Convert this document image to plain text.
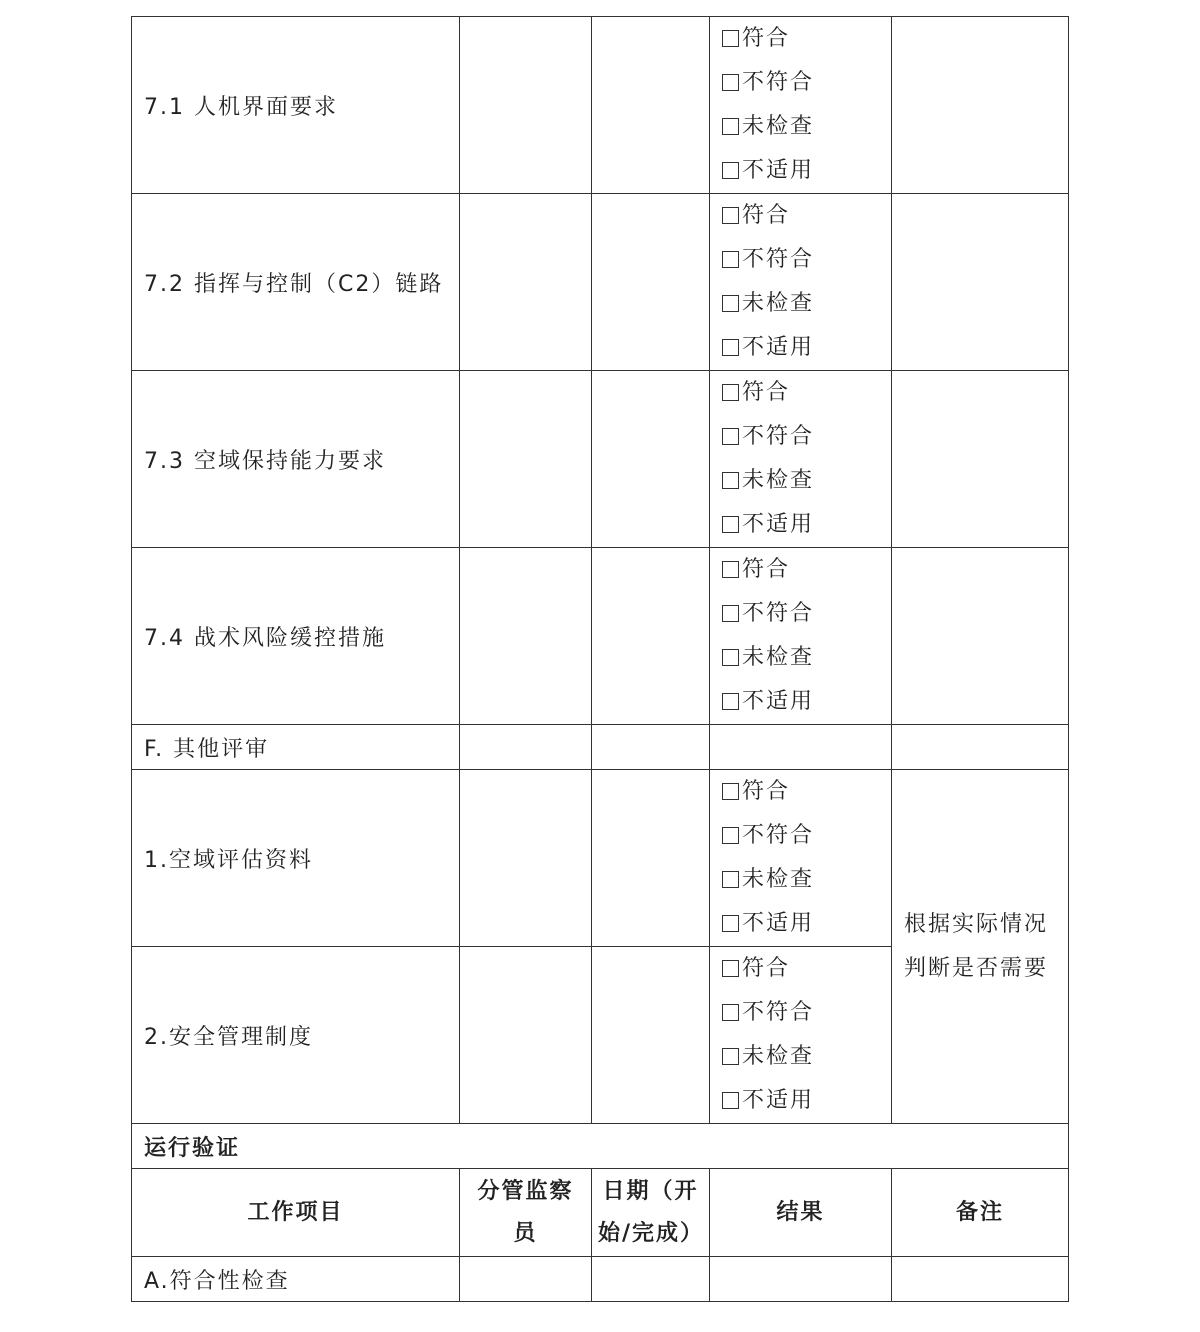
7.1 人机界面要求			符合
不符合
未检查
不适用	

7.2 指挥与控制（C2）链路			符合
不符合
未检查
不适用	

7.3 空域保持能力要求			符合
不符合
未检查
不适用	

7.4 战术风险缓控措施			符合
不符合
未检查
不适用	

F. 其他评审				
1.空域评估资料			符合
不符合
未检查
不适用	根据实际情况判断是否需要
2.安全管理制度			符合
不符合
未检查
不适用	

运行验证				
工作项目	分管监察员	日期（开始/完成）	结果	备注
A.符合性检查				
